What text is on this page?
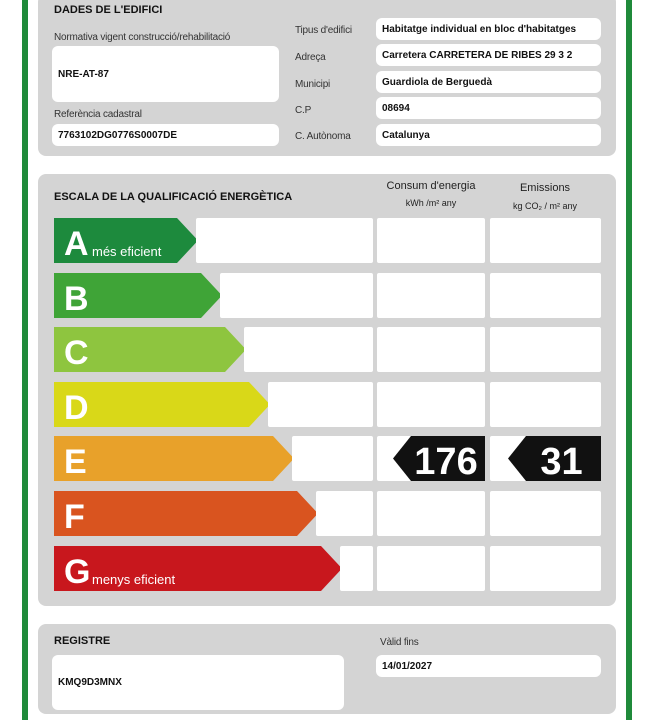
DADES DE L'EDIFICI
Normativa vigent construcció/rehabilitació
NRE-AT-87
Referència cadastral
7763102DG0776S0007DE
Tipus d'edifici	Habitatge individual en bloc d'habitatges
Adreça	Carretera CARRETERA DE RIBES 29 3 2
Municipi	Guardiola de Berguedà
C.P	08694
C. Autònoma	Catalunya
ESCALA DE LA QUALIFICACIÓ ENERGÈTICA
Consum d'energia
kWh /m² any
Emissions
kg CO₂ / m² any
A més eficient
B
C
D
E	176 31
F
G menys eficient
REGISTRE
KMQ9D3MNX
Vàlid fins
14/01/2027
